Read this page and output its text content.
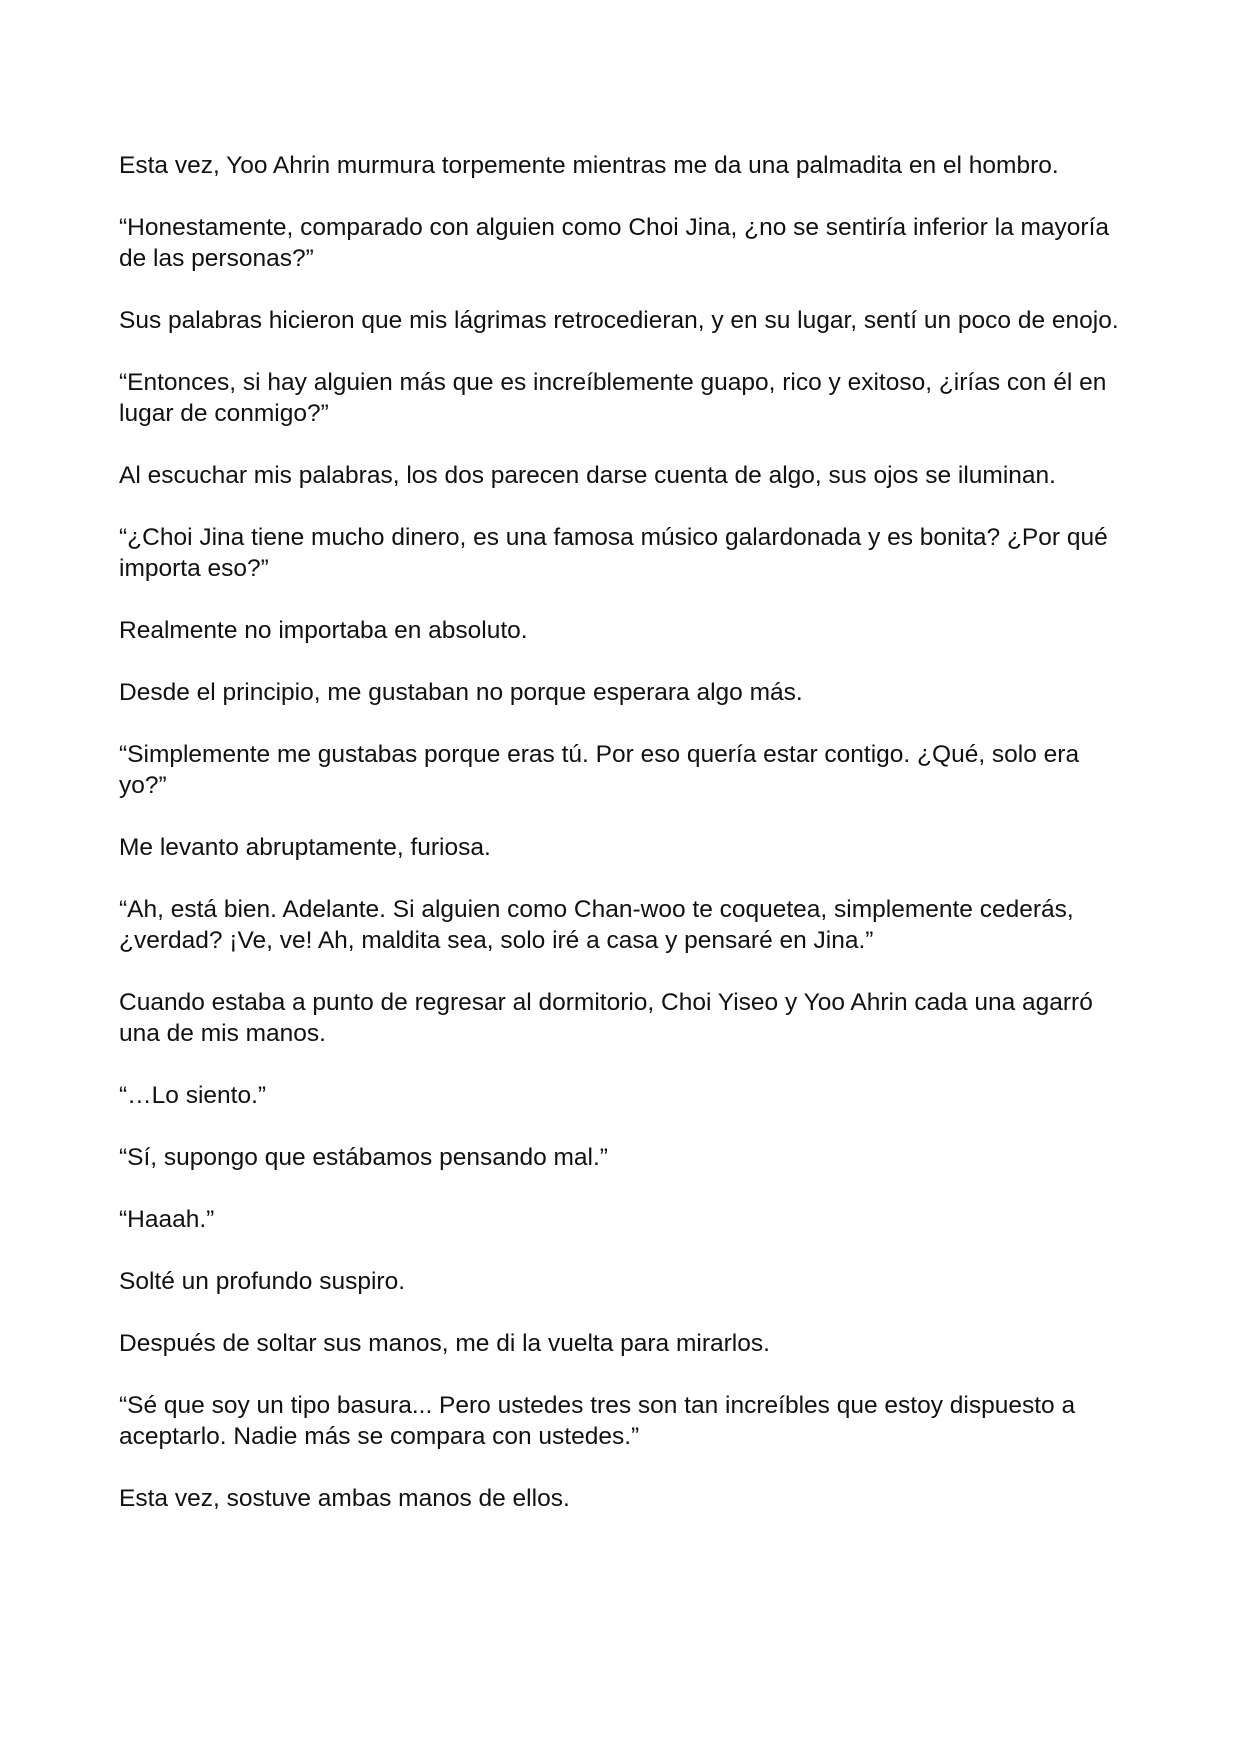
Esta vez, Yoo Ahrin murmura torpemente mientras me da una palmadita en el hombro.

“Honestamente, comparado con alguien como Choi Jina, ¿no se sentiría inferior la mayoría de las personas?”

Sus palabras hicieron que mis lágrimas retrocedieran, y en su lugar, sentí un poco de enojo.

“Entonces, si hay alguien más que es increíblemente guapo, rico y exitoso, ¿irías con él en lugar de conmigo?”

Al escuchar mis palabras, los dos parecen darse cuenta de algo, sus ojos se iluminan.

“¿Choi Jina tiene mucho dinero, es una famosa músico galardonada y es bonita? ¿Por qué importa eso?”

Realmente no importaba en absoluto.

Desde el principio, me gustaban no porque esperara algo más.

“Simplemente me gustabas porque eras tú. Por eso quería estar contigo. ¿Qué, solo era yo?”

Me levanto abruptamente, furiosa.

“Ah, está bien. Adelante. Si alguien como Chan-woo te coquetea, simplemente cederás, ¿verdad? ¡Ve, ve! Ah, maldita sea, solo iré a casa y pensaré en Jina.”

Cuando estaba a punto de regresar al dormitorio, Choi Yiseo y Yoo Ahrin cada una agarró una de mis manos.

“…Lo siento.”

“Sí, supongo que estábamos pensando mal.”

“Haaah.”

Solté un profundo suspiro.

Después de soltar sus manos, me di la vuelta para mirarlos.

“Sé que soy un tipo basura... Pero ustedes tres son tan increíbles que estoy dispuesto a aceptarlo. Nadie más se compara con ustedes.”

Esta vez, sostuve ambas manos de ellos.
